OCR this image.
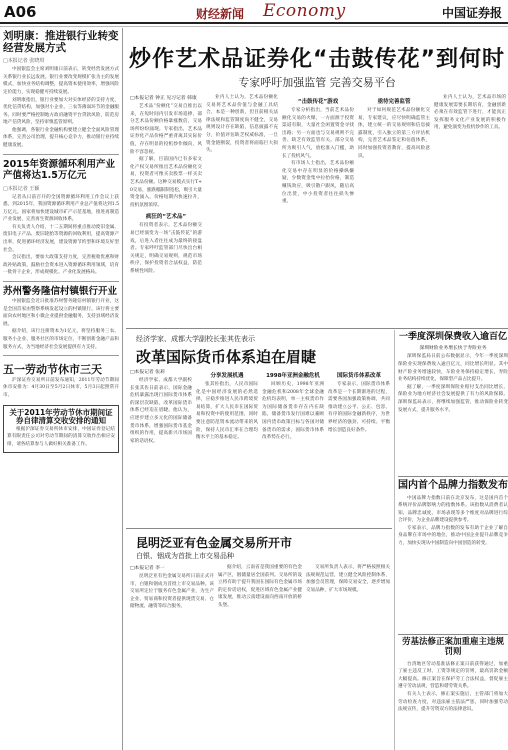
A06	财经新闻 Economy	中国证券报
刘明康：推进银行业转变经营发展方式
□本报记者 张晓琪

中国银监会主席刘明康日前表示，转变经营发展方式关系银行业长远发展。银行业要改变规模扩张为主的发展模式，加快业务结构调整，提高资本使用效率，增强风险定价能力，实现稳健可持续发展。

刘明康指出，银行业要加大对实体经济的支持力度，优化信贷结构，加强对小企业、三农等薄弱环节的金融服务。同时要严格控制地方政府融资平台贷款风险，防范房地产信贷风险，坚持审慎监管原则。

他强调，各银行业金融机构要建立健全全面风险管理体系，完善公司治理，提升核心竞争力，推动银行业持续健康发展。

2015年资源循环利用产业产值将达1.5万亿元
□本报记者 王颖

记者从日前召开的全国资源循环利用工作会议上获悉，到2015年，我国资源循环利用产业总产值将达到1.5万亿元。国家将加快建设城市矿产示范基地，推进再制造产业发展，完善再生资源回收体系。

有关负责人介绍，十二五期间将重点推动废旧金属、废旧电子产品、废旧轮胎等资源的回收利用，提高资源产出率，促进循环经济发展，建设资源节约型和环境友好型社会。

会议指出，要加大政策支持力度，完善税收优惠和财政补贴政策，鼓励社会资本进入资源循环利用领域，培育一批骨干企业，形成规模化、产业化发展格局。

苏州警务隆信村镇银行开业

中国银监会近日批准苏州警务隆信村镇银行开业，这是全国首家由警察系统发起设立的村镇银行。该行将主要面向农村地区和小微企业提供金融服务，支持县域经济发展。

据介绍，该行注册资本为1亿元，将坚持服务三农、服务小企业、服务社区的市场定位，不断创新金融产品和服务方式，为当地经济社会发展提供有力支持。

五一劳动节休市三天

沪深证券交易所日前发布通知，2011年劳动节期间休市安排为：4月30日至5月2日休市，5月3日起照常开市。

关于2011年劳动节休市期间证券自律清算交收安排的通知

根据沪深证券交易所休市安排，中国证券登记结算有限责任公司对劳动节期间的清算交收作出相应安排，请各结算参与人做好相关准备工作。

炒作艺术品证券化“击鼓传花”到何时
专家呼吁加强监管 完善交易平台
□本报记者 钟正 见习记者 韩康

艺术品“份额化”交易自推出以来，在短时间内引发市场追捧，部分艺术品份额价格暴涨数倍，交易场所纷纷涌现。专家指出，艺术品证券化产品价格严重背离其实际价值，存在明显的投机炒作倾向，风险不容忽视。

据了解，目前国内已有多家文化产权交易所推出艺术品份额化交易，投资者可像买卖股票一样买卖艺术品份额。这种交易模式实行T+0交易，涨跌幅限制宽松，吸引大量资金涌入，价格短期内快速拉升，投机氛围浓厚。

疯狂的“艺术品”

有投资者表示，艺术品份额交易已经演变为一场“击鼓传花”的游戏，后进入者往往成为最终的接盘者。专家呼吁监管部门尽快出台相关规定，明确交易规则，规范市场秩序，保护投资者合法权益，防范系统性风险。

业内人士认为，艺术品份额化交易将艺术品价值与金融工具结合，本是一种创新，但目前相关法律法规和监管制度尚不健全，交易规则设计存在缺陷，信息披露不充分，价值评估缺乏权威标准，一旦资金链断裂，投资者将面临巨大损失。

“击鼓传花”游戏

专家分析指出，当前艺术品份额化交易的火爆，一方面源于投资渠道有限，大量社会闲置资金寻找出路；另一方面也与交易规则不完善、缺乏有效监管有关。部分交易所为吸引人气，放松准入门槛，助长了投机风气。

有市场人士指出，艺术品份额化交易中存在明显的价格操纵嫌疑，少数资金集中拉抬价格，制造赚钱效应，吸引散户跟风，随后高位出货，中小投资者往往损失惨重。

亟待完善监管

对于如何规范艺术品份额化交易，专家建议，应尽快明确监管主体，建立统一的交易规则和信息披露制度，引入独立的第三方评估机构，完善艺术品鉴定和估值体系，同时加强投资者教育，提高风险意识。

业内人士认为，艺术品市场的健康发展需要长期培育，金融创新必须在有效监管下进行，才能真正发挥服务文化产业发展的积极作用，避免演变为投机炒作的工具。

经济学家、成都大学副校长张其佐表示
改革国际货币体系迫在眉睫
□本报记者 张莉

经济学家、成都大学副校长张其佐日前表示，国际金融危机暴露出现行国际货币体系的深层次缺陷，改革国际货币体系已经迫在眉睫。他认为，应逐步建立多元化的国际储备货币体系，增强国际货币基金组织的作用，提高新兴市场国家的话语权。

分享发展机遇

张其佐指出，人民币国际化是中国经济发展的必然选择，应稳步推进人民币跨境贸易结算，扩大人民币在国际贸易和投资中的使用范围，同时要注意防范资本流动带来的风险，保持人民币汇率在合理均衡水平上的基本稳定。

1998年亚洲金融危机

回顾历史，1998年亚洲金融危机和2008年全球金融危机均表明，单一主权货币作为国际储备货币存在内在缺陷，储备货币发行国难以兼顾国内货币政策目标与各国对储备货币的需求，国际货币体系改革势在必行。

国际货币体系改革

专家表示，国际货币体系改革是一个长期渐进的过程，需要各国加强政策协调，共同推动建立公平、公正、包容、有序的国际金融新秩序，为世界经济的强劲、可持续、平衡增长创造良好条件。

一季度深圳保费收入逾百亿
深圳财险业务增长快于寿险业务

深圳保监局日前公布数据显示，今年一季度深圳保险业实现保费收入逾百亿元，同比增长明显。其中财产险业务增速较快，车险业务保持稳定增长，寿险业务结构持续优化，保障型产品占比提升。

据了解，一季度深圳保险业赔付支出同比增长，保险业为地方经济社会发展提供了有力的风险保障。深圳保监局表示，将继续加强监管，推动保险业转变发展方式，提升服务水平。

国内首个品牌力指数发布

中国品牌力指数日前在北京发布，这是国内首个系统评价品牌影响力的指数体系。该指数从消费者认知、品牌忠诚度、市场表现等多个维度对品牌进行综合评价，为企业品牌建设提供参考。

专家表示，品牌力指数的发布有助于企业了解自身品牌在市场中的地位，推动中国企业提升品牌竞争力，加快实现从中国制造向中国创造的转变。

昆明泛亚有色金属交易所开市
白银、铟成为首批上市交易品种
□本报记者 李一

昆明泛亚有色金属交易所日前正式开市，白银和铟成为首批上市交易品种。该交易所定位于服务有色金属产业，为生产企业、贸易商和投资者提供现货交易、仓储物流、融资等综合服务。

据介绍，云南省是我国重要的有色金属产区，铟储量居全国前列。交易所的设立将有助于提升我国在国际有色金属市场的定价话语权，促进区域有色金属产业健康发展，推动云南建设面向西南开放的桥头堡。

交易所负责人表示，将严格按照相关法规规范运营，建立健全风险控制体系，加强会员管理，保障交易安全，逐步增加交易品种，扩大市场规模。

劳基法修正案加重雇主违规罚则

台湾地区劳动基准法修正案日前获得通过，加重了雇主违反工时、工资等规定的罚则，最高罚款金额大幅提高。修正案旨在保护劳工合法权益，督促雇主遵守劳动法规，营造和谐劳资关系。

有关人士表示，修正案实施后，主管部门将加大劳动检查力度，对违法雇主依法严惩，同时加强劳动法规宣传，提升劳资双方的法律意识。
